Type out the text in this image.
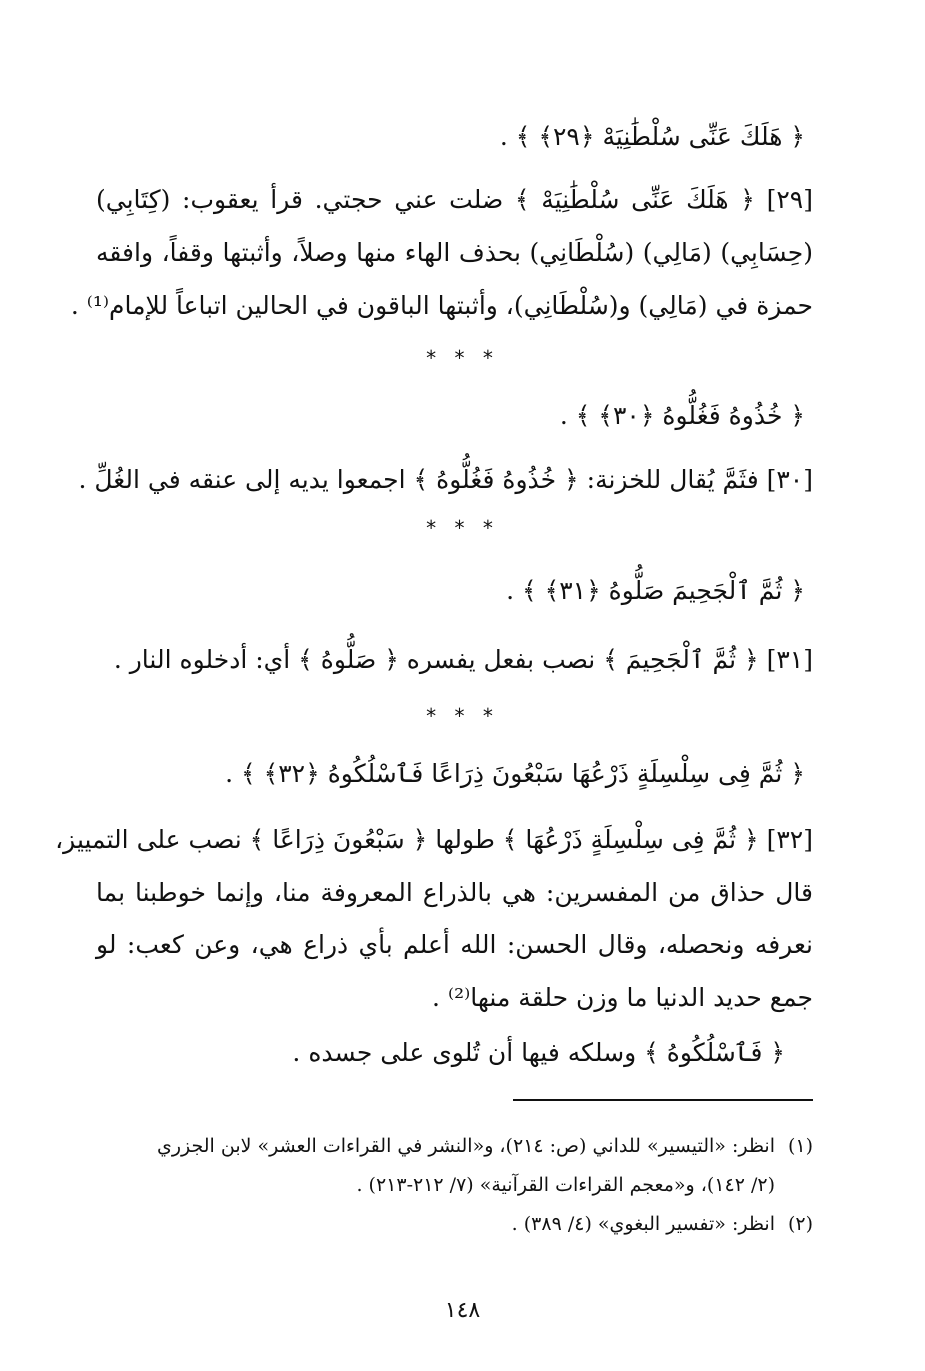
﴿ هَلَكَ عَنِّى سُلْطَٰنِيَهْ ﴿٢٩﴾ ﴾ .
[٢٩] ﴿ هَلَكَ عَنِّى سُلْطَٰنِيَهْ ﴾ ضلت عني حجتي. قرأ يعقوب: (كِتَابِي)
(حِسَابِي) (مَالِي) (سُلْطَانِي) بحذف الهاء منها وصلاً، وأثبتها وقفاً، وافقه
حمزة في (مَالِي) و(سُلْطَانِي)، وأثبتها الباقون في الحالين اتباعاً للإمام⁽¹⁾ .
* * *
﴿ خُذُوهُ فَغُلُّوهُ ﴿٣٠﴾ ﴾ .
[٣٠] فثَمَّ يُقال للخزنة: ﴿ خُذُوهُ فَغُلُّوهُ ﴾ اجمعوا يديه إلى عنقه في الغُلِّ .
* * *
﴿ ثُمَّ ٱلْجَحِيمَ صَلُّوهُ ﴿٣١﴾ ﴾ .
[٣١] ﴿ ثُمَّ ٱلْجَحِيمَ ﴾ نصب بفعل يفسره ﴿ صَلُّوهُ ﴾ أي: أدخلوه النار .
* * *
﴿ ثُمَّ فِى سِلْسِلَةٍ ذَرْعُهَا سَبْعُونَ ذِرَاعًا فَٱسْلُكُوهُ ﴿٣٢﴾ ﴾ .
[٣٢] ﴿ ثُمَّ فِى سِلْسِلَةٍ ذَرْعُهَا ﴾ طولها ﴿ سَبْعُونَ ذِرَاعًا ﴾ نصب على التمييز،
قال حذاق من المفسرين: هي بالذراع المعروفة منا، وإنما خوطبنا بما
نعرفه ونحصله، وقال الحسن: الله أعلم بأي ذراع هي، وعن كعب: لو
جمع حديد الدنيا ما وزن حلقة منها⁽²⁾ .
﴿ فَٱسْلُكُوهُ ﴾ وسلكه فيها أن تُلوى على جسده .
(١)
انظر: «التيسير» للداني (ص: ٢١٤)، و«النشر في القراءات العشر» لابن الجزري
(٢/ ١٤٢)، و«معجم القراءات القرآنية» (٧/ ٢١٢-٢١٣) .
(٢)
انظر: «تفسير البغوي» (٤/ ٣٨٩) .
١٤٨
